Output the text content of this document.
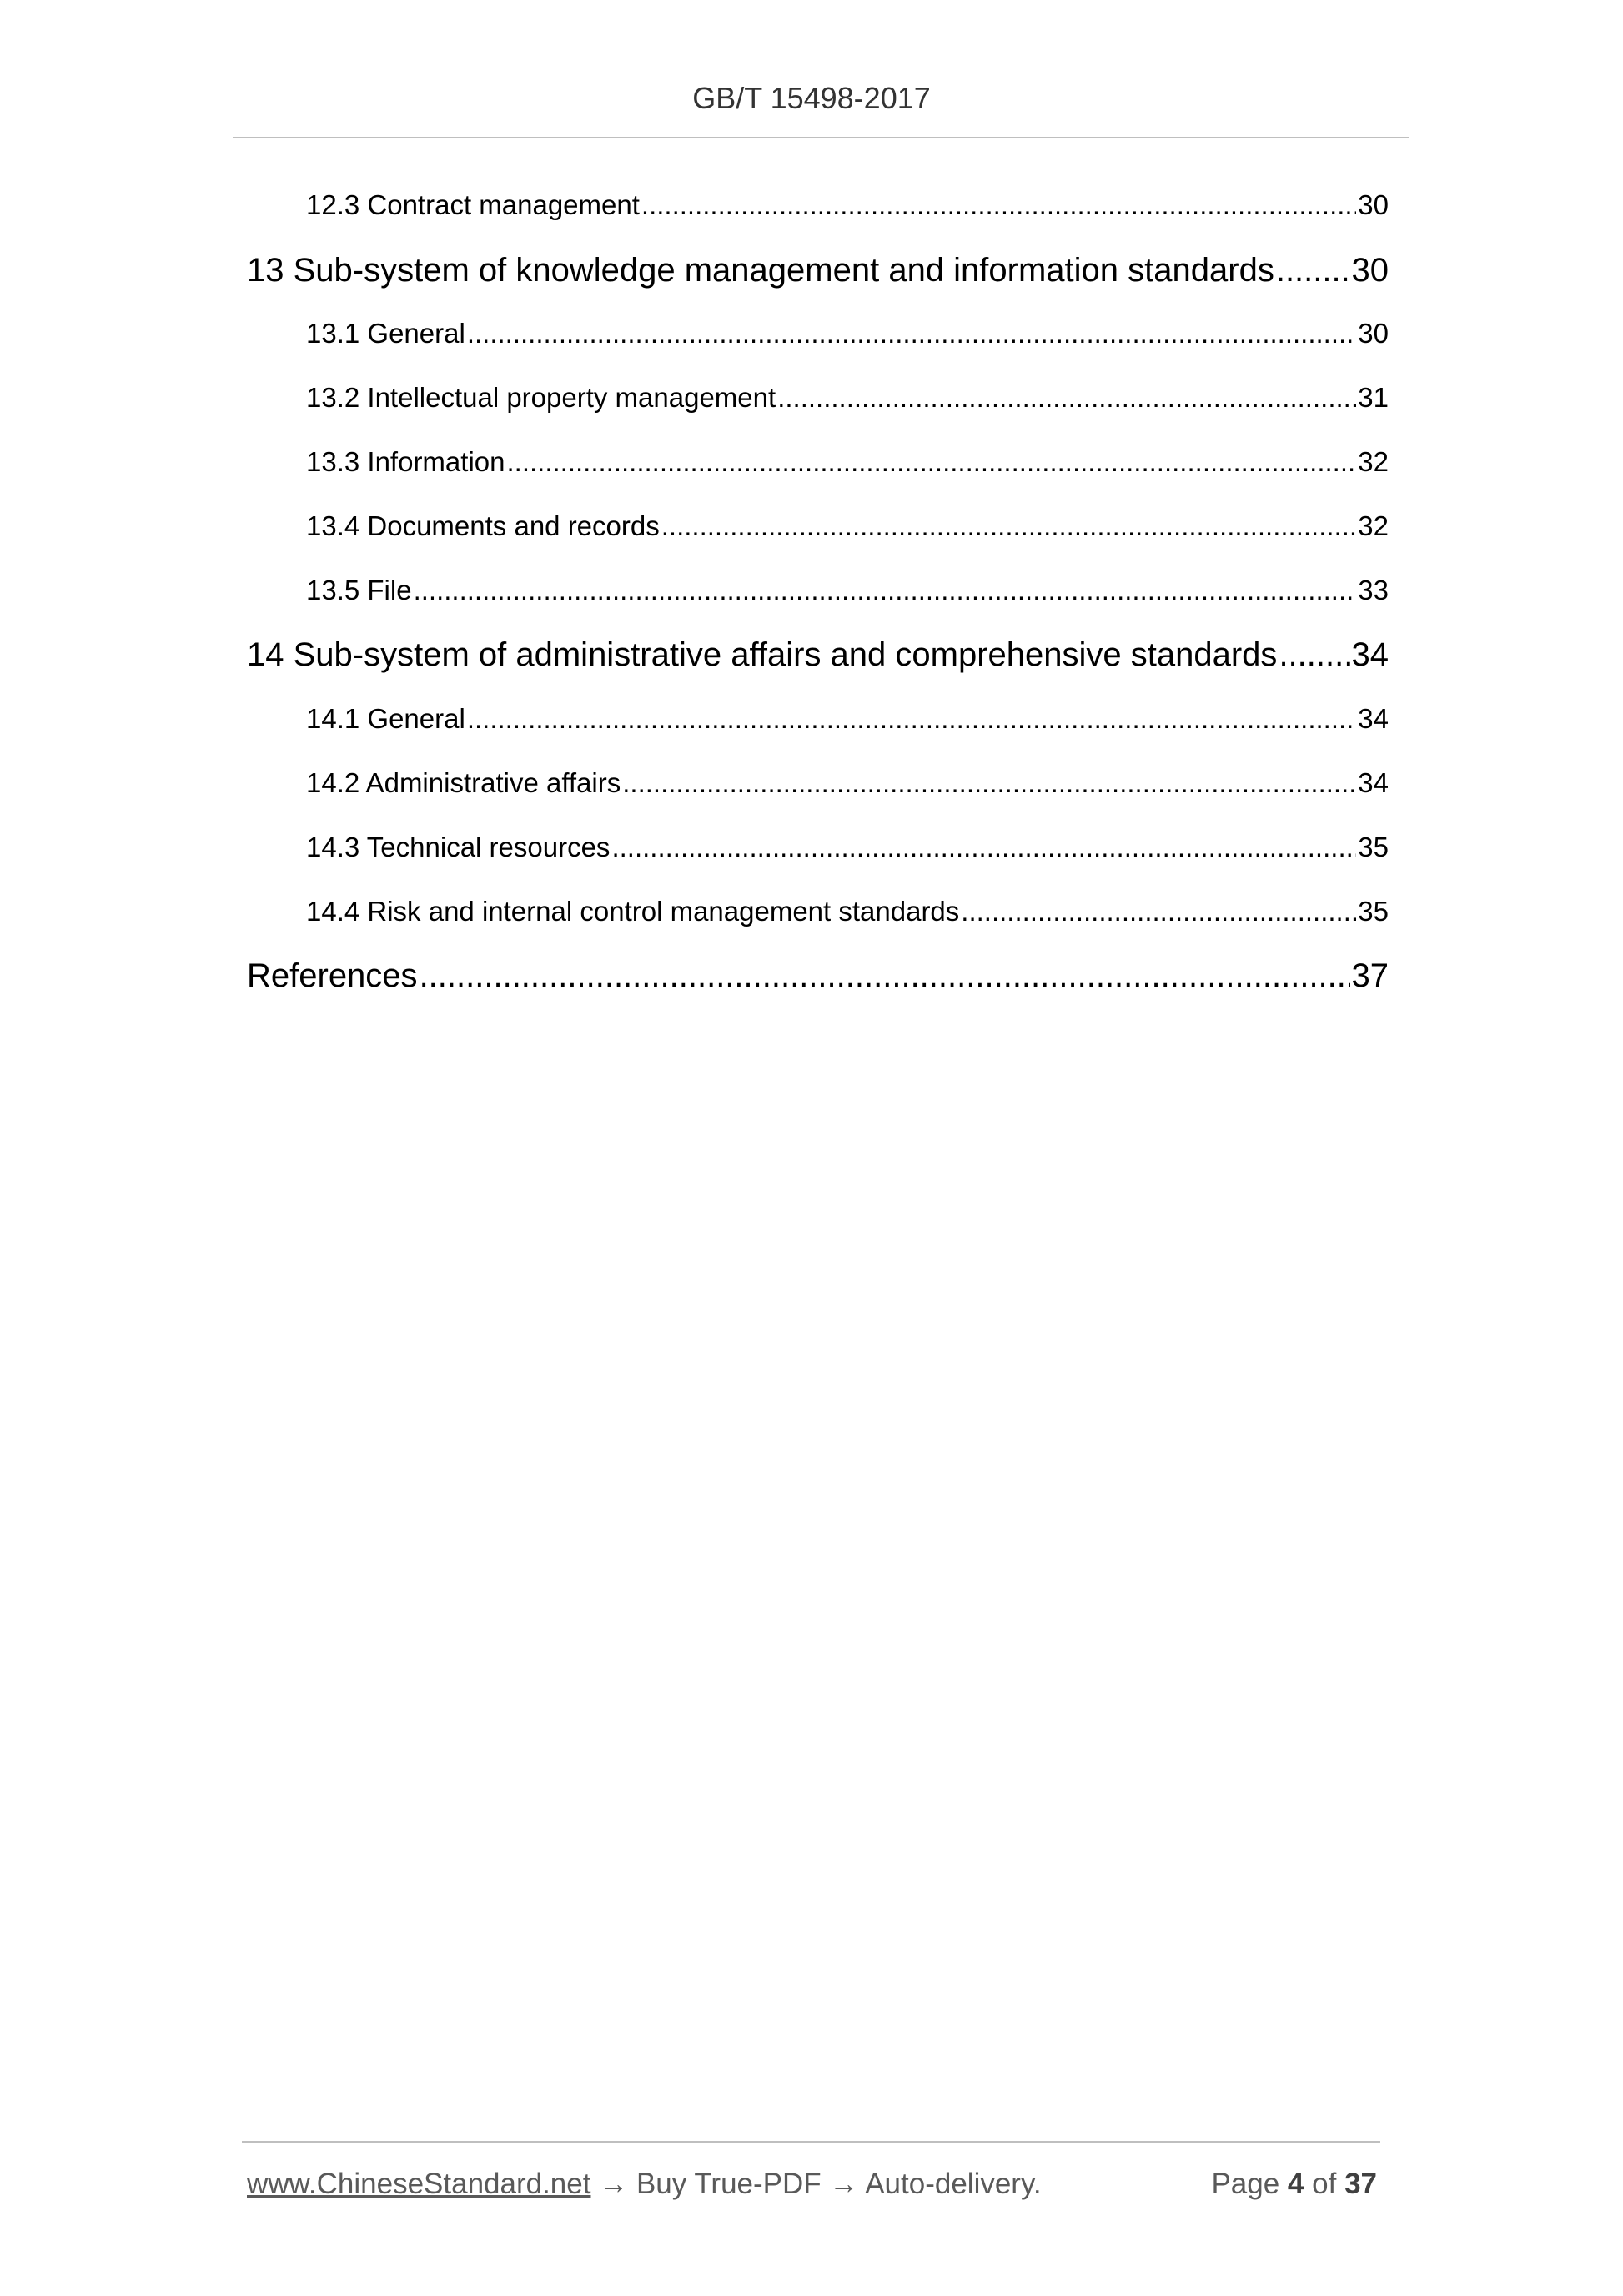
GB/T 15498-2017
12.3 Contract management .....	30
13 Sub-system of knowledge management and information standards ..... 30
13.1 General .....	30
13.2 Intellectual property management .....	31
13.3 Information .....	32
13.4 Documents and records .....	32
13.5 File .....	33
14 Sub-system of administrative affairs and comprehensive standards ..... 34
14.1 General .....	34
14.2 Administrative affairs .....	34
14.3 Technical resources .....	35
14.4 Risk and internal control management standards .....	35
References .....	37
www.ChineseStandard.net → Buy True-PDF → Auto-delivery.	Page 4 of 37
